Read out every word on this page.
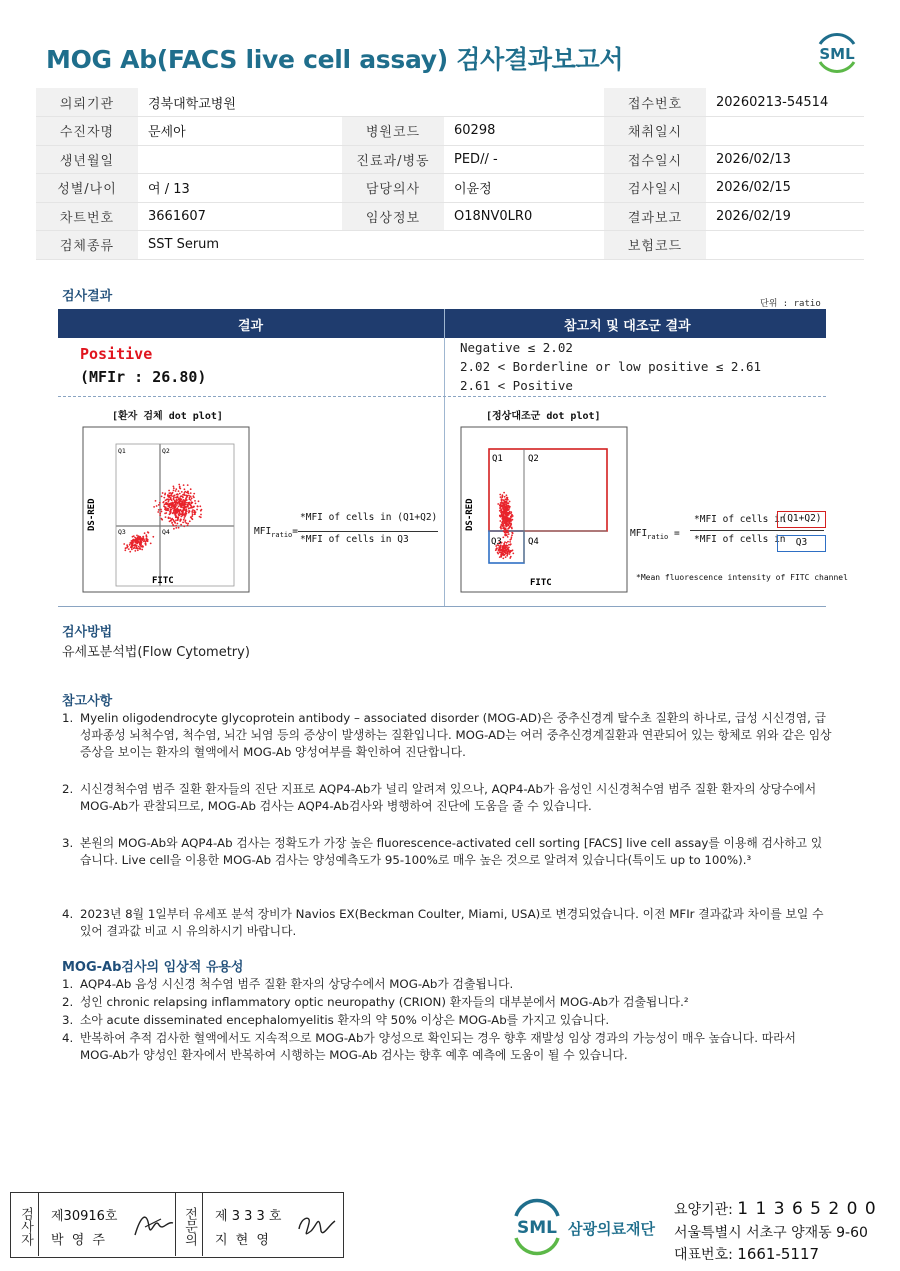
MOG Ab(FACS live cell assay) 검사결과보고서	SML
의뢰기관	경북대학교병원			접수번호	20260213-54514
수진자명	문세아	병원코드	60298	채취일시	
생년월일		진료과/병동	PED// -	접수일시	2026/02/13
성별/나이	여 / 13	담당의사	이윤정	검사일시	2026/02/15
차트번호	3661607	임상정보	O18NV0LR0	결과보고	2026/02/19
검체종류	SST Serum			보험코드	
검사결과	단위 : ratio
결과	참고치 및 대조군 결과
Positive
(MFIr : 26.80)
Negative ≤ 2.02
2.02 < Borderline or low positive ≤ 2.61
2.61 < Positive
[환자 검체 dot plot]
Q1	Q2
Q3	Q4
FITC
DS-RED
$MFI_{ratio}=$
*MFI of cells in (Q1+Q2)
*MFI of cells in Q3
[정상대조군 dot plot]
Q1	Q2
Q3	Q4
FITC
DS-RED
$MFI_{ratio}$ =
*MFI of cells in
(Q1+Q2)
*MFI of cells in	Q3
*Mean fluorescence intensity of FITC channel
검사방법
유세포분석법(Flow Cytometry)
참고사항
1. Myelin oligodendrocyte glycoprotein antibody – associated disorder (MOG-AD)은 중추신경계 탈수초 질환의 하나로, 급성 시신경염, 급성파종성 뇌척수염, 척수염, 뇌간 뇌염 등의 증상이 발생하는 질환입니다. MOG-AD는 여러 중추신경계질환과 연관되어 있는 항체로 위와 같은 임상 증상을 보이는 환자의 혈액에서 MOG-Ab 양성여부를 확인하여 진단합니다.
2. 시신경척수염 범주 질환 환자들의 진단 지표로 AQP4-Ab가 널리 알려져 있으나, AQP4-Ab가 음성인 시신경척수염 범주 질환 환자의 상당수에서 MOG-Ab가 관찰되므로, MOG-Ab 검사는 AQP4-Ab검사와 병행하여 진단에 도움을 줄 수 있습니다.
3. 본원의 MOG-Ab와 AQP4-Ab 검사는 정확도가 가장 높은 fluorescence-activated cell sorting [FACS] live cell assay를 이용해 검사하고 있습니다. Live cell을 이용한 MOG-Ab 검사는 양성예측도가 95-100%로 매우 높은 것으로 알려져 있습니다(특이도 up to 100%).³
4. 2023년 8월 1일부터 유세포 분석 장비가 Navios EX(Beckman Coulter, Miami, USA)로 변경되었습니다. 이전 MFIr 결과값과 차이를 보일 수 있어 결과값 비교 시 유의하시기 바랍니다.
MOG-Ab검사의 임상적 유용성
1. AQP4-Ab 음성 시신경 척수염 범주 질환 환자의 상당수에서 MOG-Ab가 검출됩니다.
2. 성인 chronic relapsing inflammatory optic neuropathy (CRION) 환자들의 대부분에서 MOG-Ab가 검출됩니다.²
3. 소아 acute disseminated encephalomyelitis 환자의 약 50% 이상은 MOG-Ab를 가지고 있습니다.
4. 반복하여 추적 검사한 혈액에서도 지속적으로 MOG-Ab가 양성으로 확인되는 경우 향후 재발성 임상 경과의 가능성이 매우 높습니다. 따라서 MOG-Ab가 양성인 환자에서 반복하여 시행하는 MOG-Ab 검사는 향후 예후 예측에 도움이 될 수 있습니다.
검사자	제30916호
박 영 주	전문의	제 3 3 3 호
지 현 영
SML 삼광의료재단
요양기관: 1 1 3 6 5 2 0 0
서울특별시 서초구 양재동 9-60
대표번호: 1661-5117
